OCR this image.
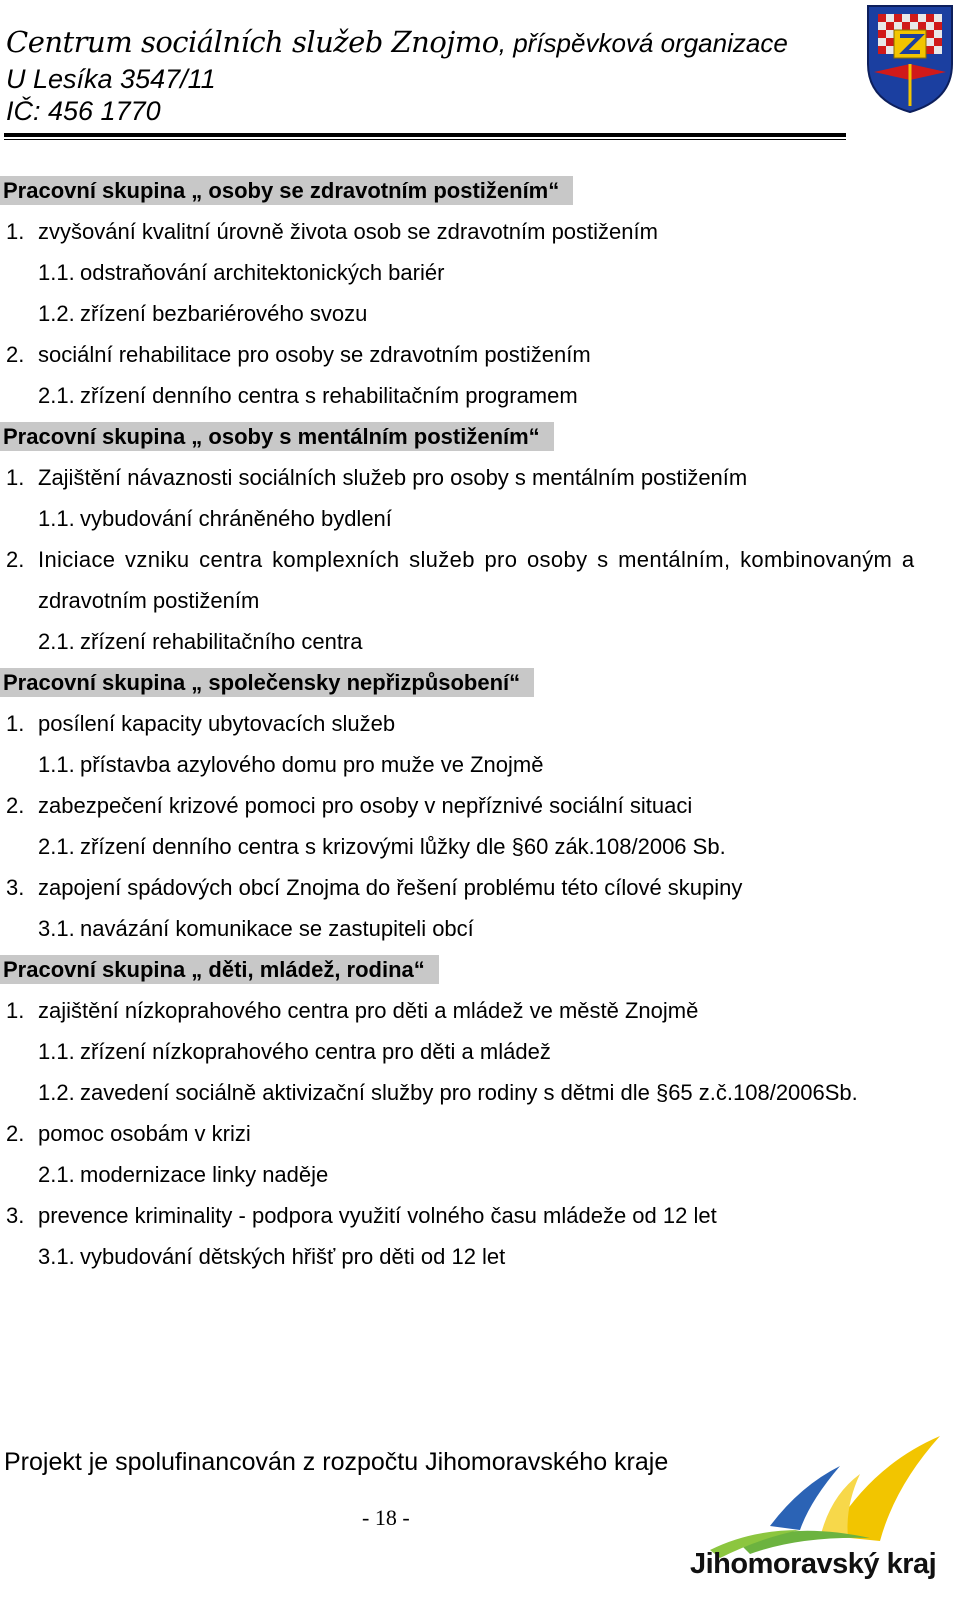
Centrum sociálních služeb Znojmo, příspěvková organizace
U Lesíka 3547/11
IČ: 456 1770
Pracovní skupina „ osoby se zdravotním postižením“
1. zvyšování kvalitní úrovně života osob se zdravotním postižením
1.1. odstraňování architektonických bariér
1.2. zřízení bezbariérového svozu
2. sociální rehabilitace pro osoby se zdravotním postižením
2.1. zřízení denního centra s rehabilitačním programem
Pracovní skupina „ osoby s mentálním postižením“
1. Zajištění návaznosti sociálních služeb pro osoby s mentálním postižením
1.1. vybudování chráněného bydlení
2. Iniciace vzniku centra komplexních služeb pro osoby s mentálním, kombinovaným a
zdravotním postižením
2.1. zřízení rehabilitačního centra
Pracovní skupina „ společensky nepřizpůsobení“
1. posílení kapacity ubytovacích služeb
1.1. přístavba azylového domu pro muže ve Znojmě
2. zabezpečení krizové pomoci pro osoby v nepříznivé sociální situaci
2.1. zřízení denního centra s krizovými lůžky dle §60 zák.108/2006 Sb.
3. zapojení spádových obcí Znojma do řešení problému této cílové skupiny
3.1. navázání komunikace se zastupiteli obcí
Pracovní skupina „ děti, mládež, rodina“
1. zajištění nízkoprahového centra pro děti a mládež ve městě Znojmě
1.1. zřízení nízkoprahového centra pro děti a mládež
1.2. zavedení sociálně aktivizační služby pro rodiny s dětmi dle §65 z.č.108/2006Sb.
2. pomoc osobám v krizi
2.1. modernizace linky naděje
3. prevence kriminality - podpora využití volného času mládeže od 12 let
3.1. vybudování dětských hřišť pro děti od 12 let
Projekt je spolufinancován z rozpočtu Jihomoravského kraje
- 18 -
Jihomoravský kraj
